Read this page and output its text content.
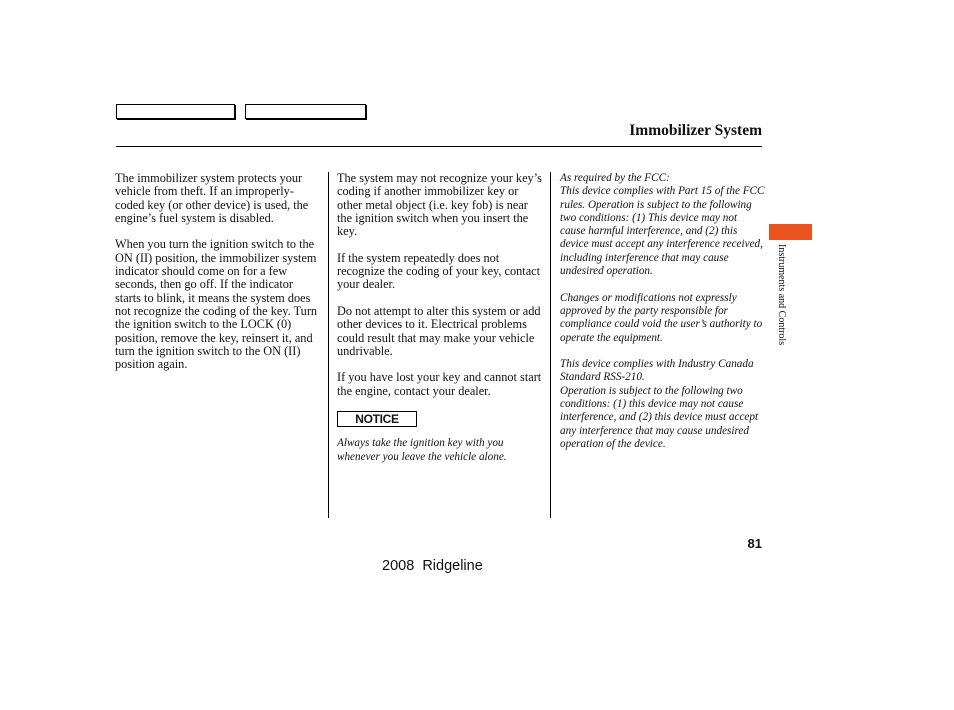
Immobilizer System

The immobilizer system protects your vehicle from theft. If an improperly-coded key (or other device) is used, the engine’s fuel system is disabled.

When you turn the ignition switch to the ON (II) position, the immobilizer system indicator should come on for a few seconds, then go off. If the indicator starts to blink, it means the system does not recognize the coding of the key. Turn the ignition switch to the LOCK (0) position, remove the key, reinsert it, and turn the ignition switch to the ON (II) position again.

The system may not recognize your key’s coding if another immobilizer key or other metal object (i.e. key fob) is near the ignition switch when you insert the key.

If the system repeatedly does not recognize the coding of your key, contact your dealer.

Do not attempt to alter this system or add other devices to it. Electrical problems could result that may make your vehicle undrivable.

If you have lost your key and cannot start the engine, contact your dealer.

NOTICE

Always take the ignition key with you whenever you leave the vehicle alone.

As required by the FCC:
This device complies with Part 15 of the FCC rules. Operation is subject to the following two conditions: (1) This device may not cause harmful interference, and (2) this device must accept any interference received, including interference that may cause undesired operation.

Changes or modifications not expressly approved by the party responsible for compliance could void the user’s authority to operate the equipment.

This device complies with Industry Canada Standard RSS-210.
Operation is subject to the following two conditions: (1) this device may not cause interference, and (2) this device must accept any interference that may cause undesired operation of the device.

Instruments and Controls
81
2008  Ridgeline
